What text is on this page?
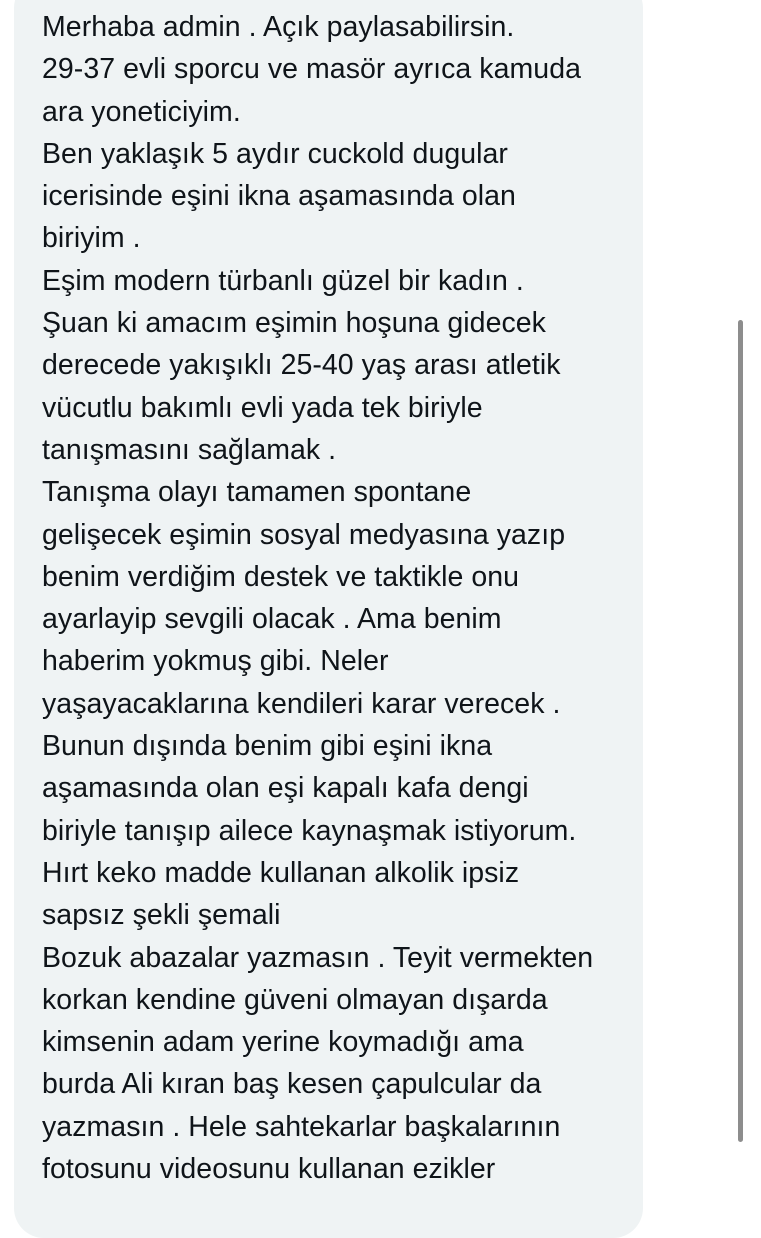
Merhaba admin . Açık paylasabilirsin.
29-37 evli sporcu ve masör ayrıca kamuda
ara yoneticiyim.
Ben yaklaşık 5 aydır cuckold dugular
icerisinde eşini ikna aşamasında olan
biriyim .
Eşim modern türbanlı güzel bir kadın .
Şuan ki amacım eşimin hoşuna gidecek
derecede yakışıklı 25-40 yaş arası atletik
vücutlu bakımlı evli yada tek biriyle
tanışmasını sağlamak .
Tanışma olayı tamamen spontane
gelişecek eşimin sosyal medyasına yazıp
benim verdiğim destek ve taktikle onu
ayarlayip sevgili olacak . Ama benim
haberim yokmuş gibi. Neler
yaşayacaklarına kendileri karar verecek .
Bunun dışında benim gibi eşini ikna
aşamasında olan eşi kapalı kafa dengi
biriyle tanışıp ailece kaynaşmak istiyorum.
Hırt keko madde kullanan alkolik ipsiz
sapsız şekli şemali
Bozuk abazalar yazmasın . Teyit vermekten
korkan kendine güveni olmayan dışarda
kimsenin adam yerine koymadığı ama
burda Ali kıran baş kesen çapulcular da
yazmasın . Hele sahtekarlar başkalarının
fotosunu videosunu kullanan ezikler
